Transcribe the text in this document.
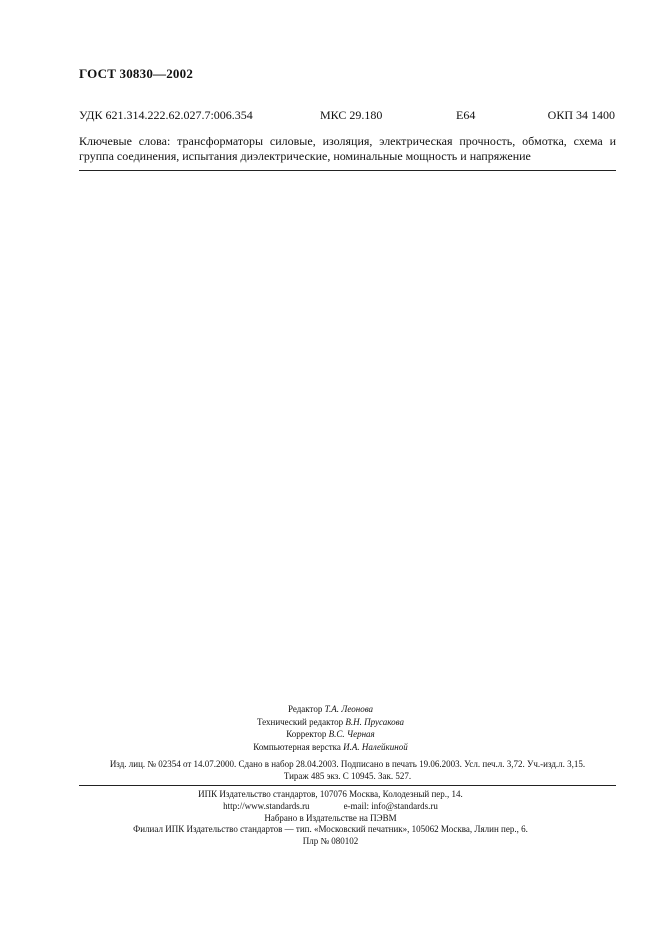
ГОСТ 30830—2002
УДК 621.314.222.62.027.7:006.354	МКС 29.180	Е64	ОКП 34 1400
Ключевые слова: трансформаторы силовые, изоляция, электрическая прочность, обмотка, схема и группа соединения, испытания диэлектрические, номинальные мощность и напряжение
Редактор Т.А. Леонова
Технический редактор В.Н. Прусакова
Корректор В.С. Черная
Компьютерная верстка И.А. Налейкиной
Изд. лиц. № 02354 от 14.07.2000. Сдано в набор 28.04.2003. Подписано в печать 19.06.2003. Усл. печ.л. 3,72. Уч.-изд.л. 3,15.
Тираж 485 экз. С 10945. Зак. 527.
ИПК Издательство стандартов, 107076 Москва, Колодезный пер., 14.
http://www.standards.ru	e-mail: info@standards.ru
Набрано в Издательстве на ПЭВМ
Филиал ИПК Издательство стандартов — тип. «Московский печатник», 105062 Москва, Лялин пер., 6.
Плр № 080102
